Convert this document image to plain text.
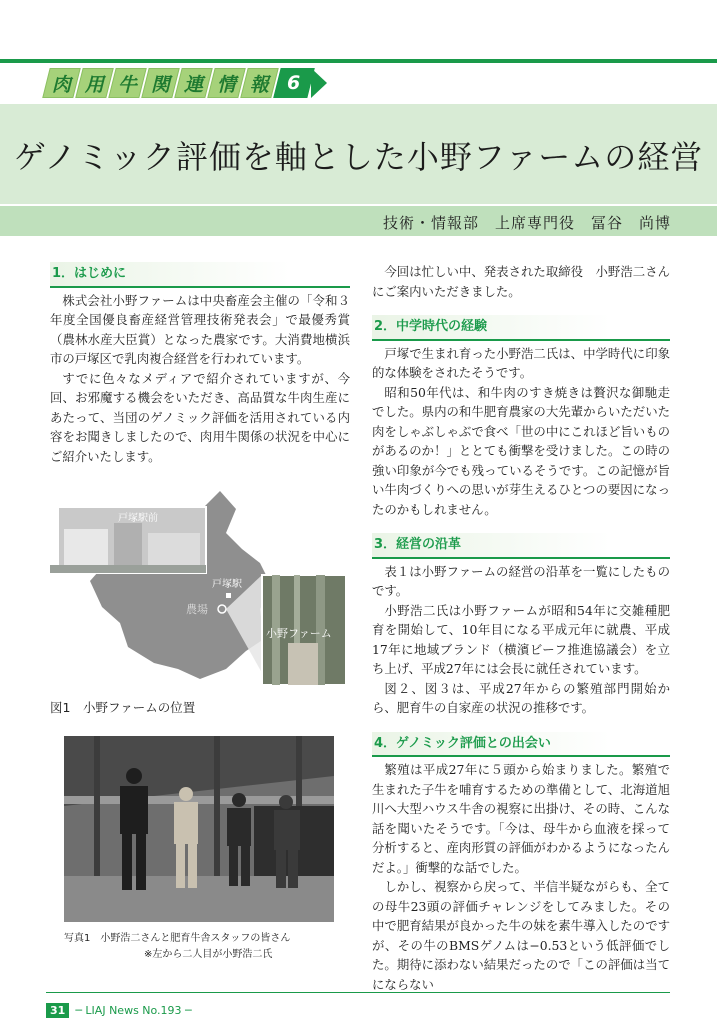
肉 用 牛 関 連 情 報 6
ゲノミック評価を軸とした小野ファームの経営
技術・情報部　上席専門役　冨谷　尚博
1．はじめに

株式会社小野ファームは中央畜産会主催の「令和３年度全国優良畜産経営管理技術発表会」で最優秀賞（農林水産大臣賞）となった農家です。大消費地横浜市の戸塚区で乳肉複合経営を行われています。

すでに色々なメディアで紹介されていますが、今回、お邪魔する機会をいただき、高品質な牛肉生産にあたって、当団のゲノミック評価を活用されている内容をお聞きしましたので、肉用牛関係の状況を中心にご紹介いたします。

戸塚駅前
戸塚駅
農場
小野ファーム
図1　小野ファームの位置
写真1　小野浩二さんと肥育牛舎スタッフの皆さん
※左から二人目が小野浩二氏

今回は忙しい中、発表された取締役　小野浩二さんにご案内いただきました。

2．中学時代の経験

戸塚で生まれ育った小野浩二氏は、中学時代に印象的な体験をされたそうです。

昭和50年代は、和牛肉のすき焼きは贅沢な御馳走でした。県内の和牛肥育農家の大先輩からいただいた肉をしゃぶしゃぶで食べ「世の中にこれほど旨いものがあるのか！」ととても衝撃を受けました。この時の強い印象が今でも残っているそうです。この記憶が旨い牛肉づくりへの思いが芽生えるひとつの要因になったのかもしれません。

3．経営の沿革

表１は小野ファームの経営の沿革を一覧にしたものです。

小野浩二氏は小野ファームが昭和54年に交雑種肥育を開始して、10年目になる平成元年に就農、平成17年に地域ブランド（横濱ビーフ推進協議会）を立ち上げ、平成27年には会長に就任されています。

図２、図３は、平成27年からの繁殖部門開始から、肥育牛の自家産の状況の推移です。

4．ゲノミック評価との出会い

繁殖は平成27年に５頭から始まりました。繁殖で生まれた子牛を哺育するための準備として、北海道旭川へ大型ハウス牛舎の視察に出掛け、その時、こんな話を聞いたそうです。「今は、母牛から血液を採って分析すると、産肉形質の評価がわかるようになったんだよ。」衝撃的な話でした。

しかし、視察から戻って、半信半疑ながらも、全ての母牛23頭の評価チャレンジをしてみました。その中で肥育結果が良かった牛の妹を素牛導入したのですが、その牛のBMSゲノムは−0.53という低評価でした。期待に添わない結果だったので「この評価は当てにならない

31 ─ LIAJ News No.193 ─
